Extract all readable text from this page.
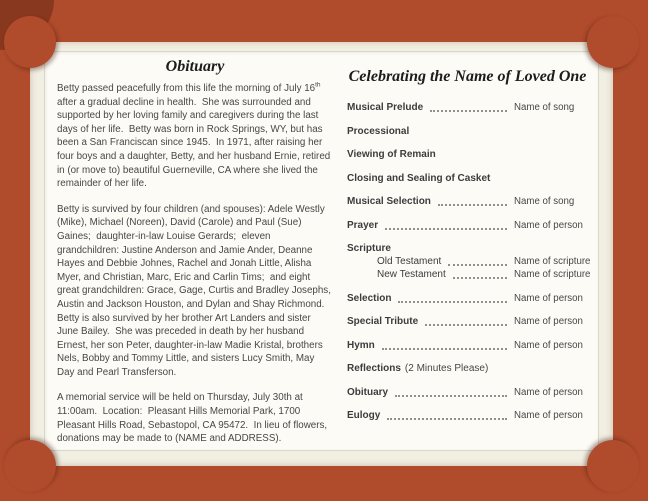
Obituary

Betty passed peacefully from this life the morning of July 16th after a gradual decline in health.  She was surrounded and supported by her loving family and caregivers during the last days of her life.  Betty was born in Rock Springs, WY, but has been a San Franciscan since 1945.  In 1971, after raising her four boys and a daughter, Betty, and her husband Ernie, retired in (or move to) beautiful Guerneville, CA where she lived the remainder of her life.

Betty is survived by four children (and spouses): Adele Westly (Mike), Michael (Noreen), David (Carole) and Paul (Sue) Gaines;  daughter-in-law Louise Gerards;  eleven grandchildren: Justine Anderson and Jamie Ander, Deanne Hayes and Debbie Johnes, Rachel and Jonah Little, Alisha Myer, and Christian, Marc, Eric and Carlin Tims;  and eight great grandchildren: Grace, Gage, Curtis and Bradley Josephs, Austin and Jackson Houston, and Dylan and Shay Richmond.  Betty is also survived by her brother Art Landers and sister June Bailey.  She was preceded in death by her husband Ernest, her son Peter, daughter-in-law Madie Kristal, brothers Nels, Bobby and Tommy Little, and sisters Lucy Smith, May Day and Pearl Transferson.

A memorial service will be held on Thursday, July 30th at 11:00am.  Location:  Pleasant Hills Memorial Park, 1700 Pleasant Hills Road, Sebastopol, CA 95472.  In lieu of flowers, donations may be made to (NAME and ADDRESS).

Celebrating the Name of Loved One
Musical Prelude	Name of song
Processional
Viewing of Remain
Closing and Sealing of Casket
Musical Selection	Name of song
Prayer	Name of person
Scripture
Old Testament	Name of scripture
New Testament	Name of scripture
Selection	Name of person
Special Tribute	Name of person
Hymn	Name of person
Reflections (2 Minutes Please)
Obituary	Name of person
Eulogy	Name of person
